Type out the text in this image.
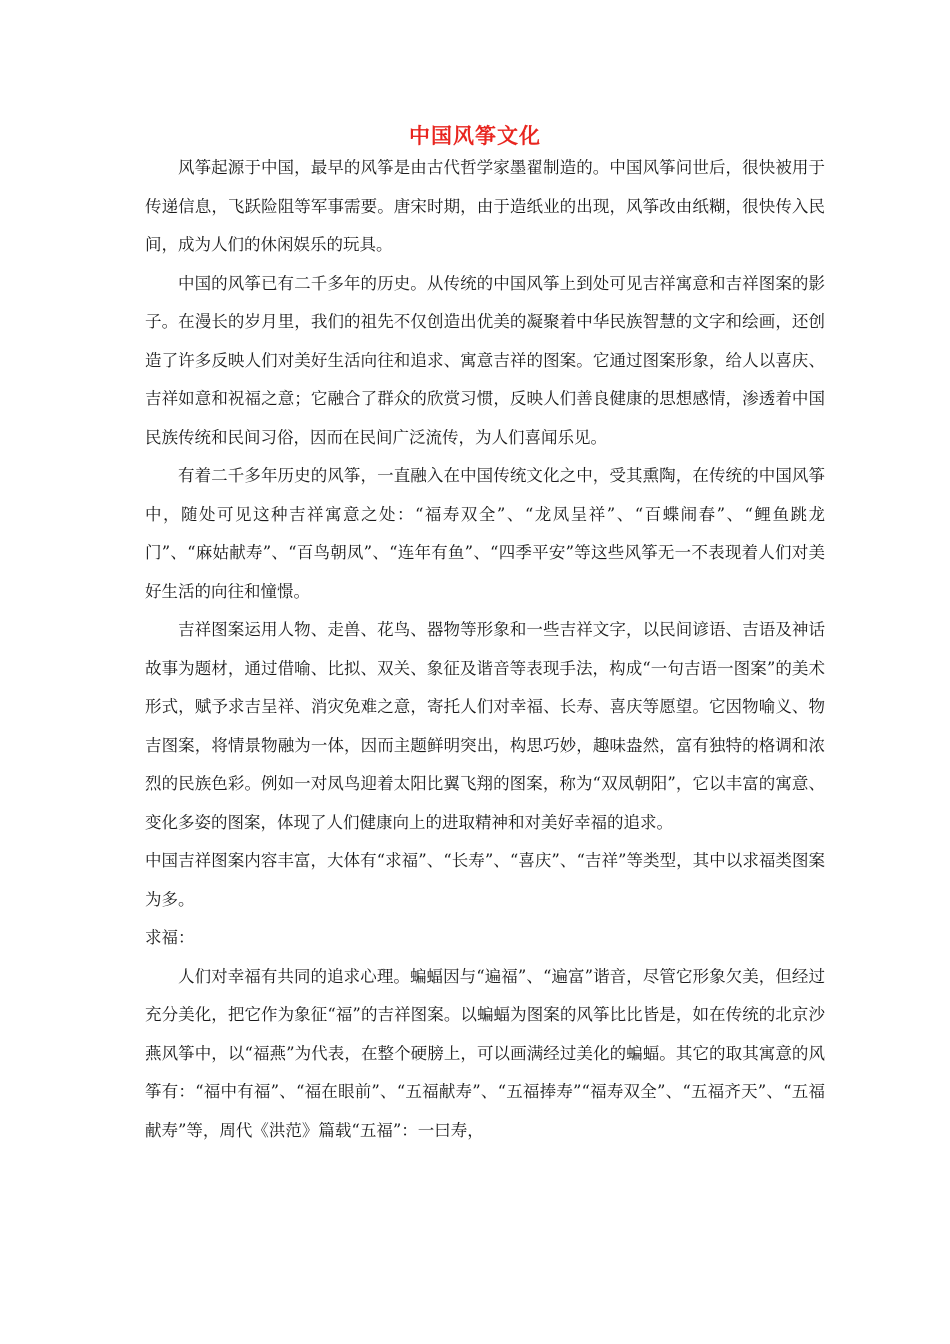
中国风筝文化

风筝起源于中国，最早的风筝是由古代哲学家墨翟制造的。中国风筝问世后，很快被用于传递信息，飞跃险阻等军事需要。唐宋时期，由于造纸业的出现，风筝改由纸糊，很快传入民间，成为人们的休闲娱乐的玩具。

中国的风筝已有二千多年的历史。从传统的中国风筝上到处可见吉祥寓意和吉祥图案的影子。在漫长的岁月里，我们的祖先不仅创造出优美的凝聚着中华民族智慧的文字和绘画，还创造了许多反映人们对美好生活向往和追求、寓意吉祥的图案。它通过图案形象，给人以喜庆、吉祥如意和祝福之意；它融合了群众的欣赏习惯，反映人们善良健康的思想感情，渗透着中国民族传统和民间习俗，因而在民间广泛流传，为人们喜闻乐见。

有着二千多年历史的风筝，一直融入在中国传统文化之中，受其熏陶，在传统的中国风筝中，随处可见这种吉祥寓意之处：“福寿双全”、“龙凤呈祥”、“百蝶闹春”、“鲤鱼跳龙门”、“麻姑献寿”、“百鸟朝凤”、“连年有鱼”、“四季平安”等这些风筝无一不表现着人们对美好生活的向往和憧憬。

吉祥图案运用人物、走兽、花鸟、器物等形象和一些吉祥文字，以民间谚语、吉语及神话故事为题材，通过借喻、比拟、双关、象征及谐音等表现手法，构成“一句吉语一图案”的美术形式，赋予求吉呈祥、消灾免难之意，寄托人们对幸福、长寿、喜庆等愿望。它因物喻义、物吉图案，将情景物融为一体，因而主题鲜明突出，构思巧妙，趣味盎然，富有独特的格调和浓烈的民族色彩。例如一对凤鸟迎着太阳比翼飞翔的图案，称为“双凤朝阳”，它以丰富的寓意、变化多姿的图案，体现了人们健康向上的进取精神和对美好幸福的追求。

中国吉祥图案内容丰富，大体有“求福”、“长寿”、“喜庆”、“吉祥”等类型，其中以求福类图案为多。

求福：

人们对幸福有共同的追求心理。蝙蝠因与“遍福”、“遍富”谐音，尽管它形象欠美，但经过充分美化，把它作为象征“福”的吉祥图案。以蝙蝠为图案的风筝比比皆是，如在传统的北京沙燕风筝中，以“福燕”为代表，在整个硬膀上，可以画满经过美化的蝙蝠。其它的取其寓意的风筝有：“福中有福”、“福在眼前”、“五福献寿”、“五福捧寿”“福寿双全”、“五福齐天”、“五福献寿”等，周代《洪范》篇载“五福”：一曰寿，
